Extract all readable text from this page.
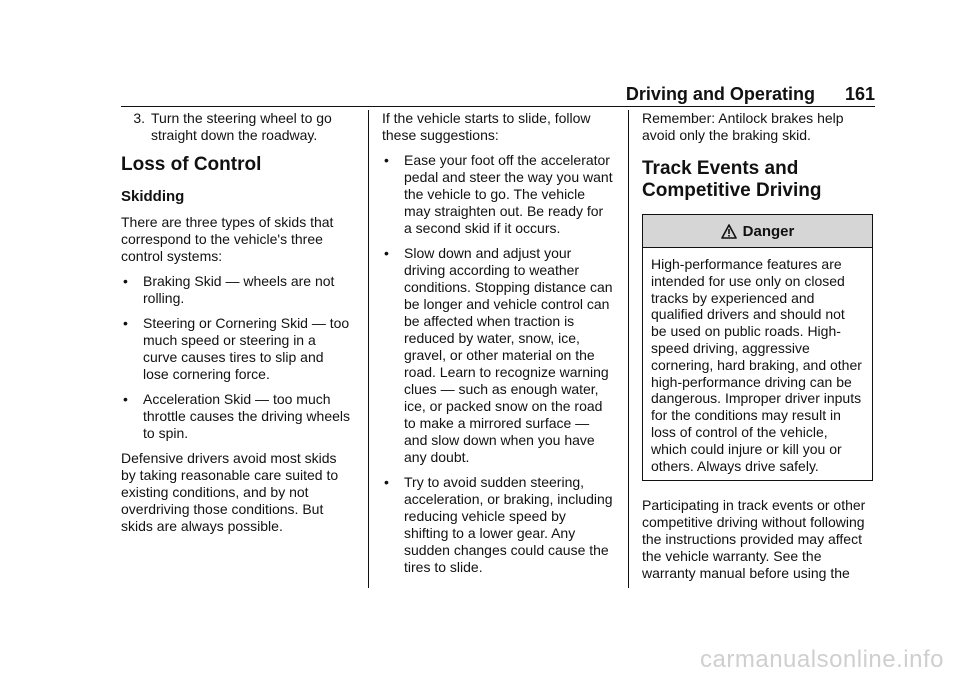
Driving and Operating 161
3. Turn the steering wheel to go straight down the roadway.
Loss of Control
Skidding

There are three types of skids that correspond to the vehicle's three control systems:

•	Braking Skid — wheels are not rolling.
•	Steering or Cornering Skid — too much speed or steering in a curve causes tires to slip and lose cornering force.
•	Acceleration Skid — too much throttle causes the driving wheels to spin.

Defensive drivers avoid most skids by taking reasonable care suited to existing conditions, and by not overdriving those conditions. But skids are always possible.

If the vehicle starts to slide, follow these suggestions:

•	Ease your foot off the accelerator pedal and steer the way you want the vehicle to go. The vehicle may straighten out. Be ready for a second skid if it occurs.
•	Slow down and adjust your driving according to weather conditions. Stopping distance can be longer and vehicle control can be affected when traction is reduced by water, snow, ice, gravel, or other material on the road. Learn to recognize warning clues — such as enough water, ice, or packed snow on the road to make a mirrored surface — and slow down when you have any doubt.
•	Try to avoid sudden steering, acceleration, or braking, including reducing vehicle speed by shifting to a lower gear. Any sudden changes could cause the tires to slide.

Remember: Antilock brakes help avoid only the braking skid.

Track Events and
Competitive Driving
Danger
High-performance features are intended for use only on closed tracks by experienced and qualified drivers and should not be used on public roads. High-speed driving, aggressive cornering, hard braking, and other high-performance driving can be dangerous. Improper driver inputs for the conditions may result in loss of control of the vehicle, which could injure or kill you or others. Always drive safely.

Participating in track events or other competitive driving without following the instructions provided may affect the vehicle warranty. See the warranty manual before using the

carmanualsonline.info
